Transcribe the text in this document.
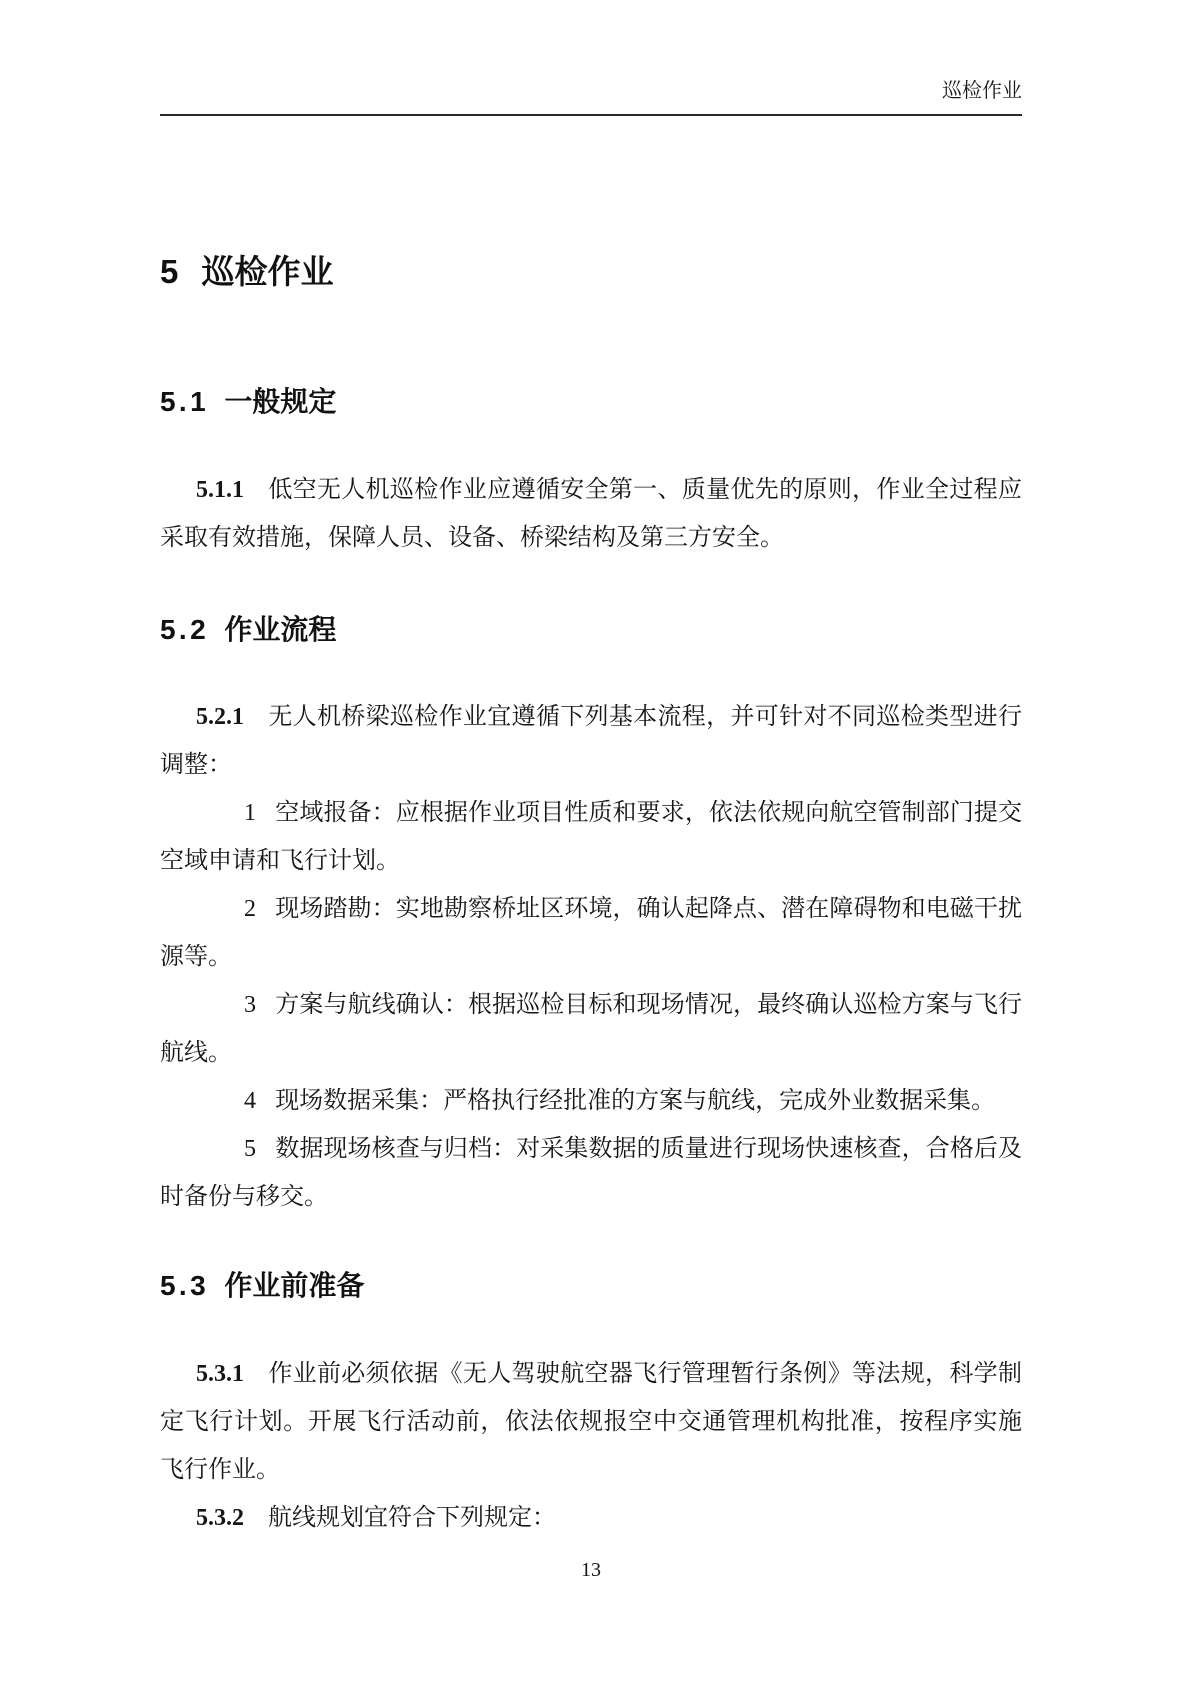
巡检作业
5 巡检作业
5.1 一般规定

5.1.1 低空无人机巡检作业应遵循安全第一、质量优先的原则，作业全过程应采取有效措施，保障人员、设备、桥梁结构及第三方安全。

5.2 作业流程

5.2.1 无人机桥梁巡检作业宜遵循下列基本流程，并可针对不同巡检类型进行调整：

1 空域报备：应根据作业项目性质和要求，依法依规向航空管制部门提交空域申请和飞行计划。

2 现场踏勘：实地勘察桥址区环境，确认起降点、潜在障碍物和电磁干扰源等。

3 方案与航线确认：根据巡检目标和现场情况，最终确认巡检方案与飞行航线。

4 现场数据采集：严格执行经批准的方案与航线，完成外业数据采集。

5 数据现场核查与归档：对采集数据的质量进行现场快速核查，合格后及时备份与移交。

5.3 作业前准备

5.3.1 作业前必须依据《无人驾驶航空器飞行管理暂行条例》等法规，科学制定飞行计划。开展飞行活动前，依法依规报空中交通管理机构批准，按程序实施飞行作业。

5.3.2 航线规划宜符合下列规定：

13
